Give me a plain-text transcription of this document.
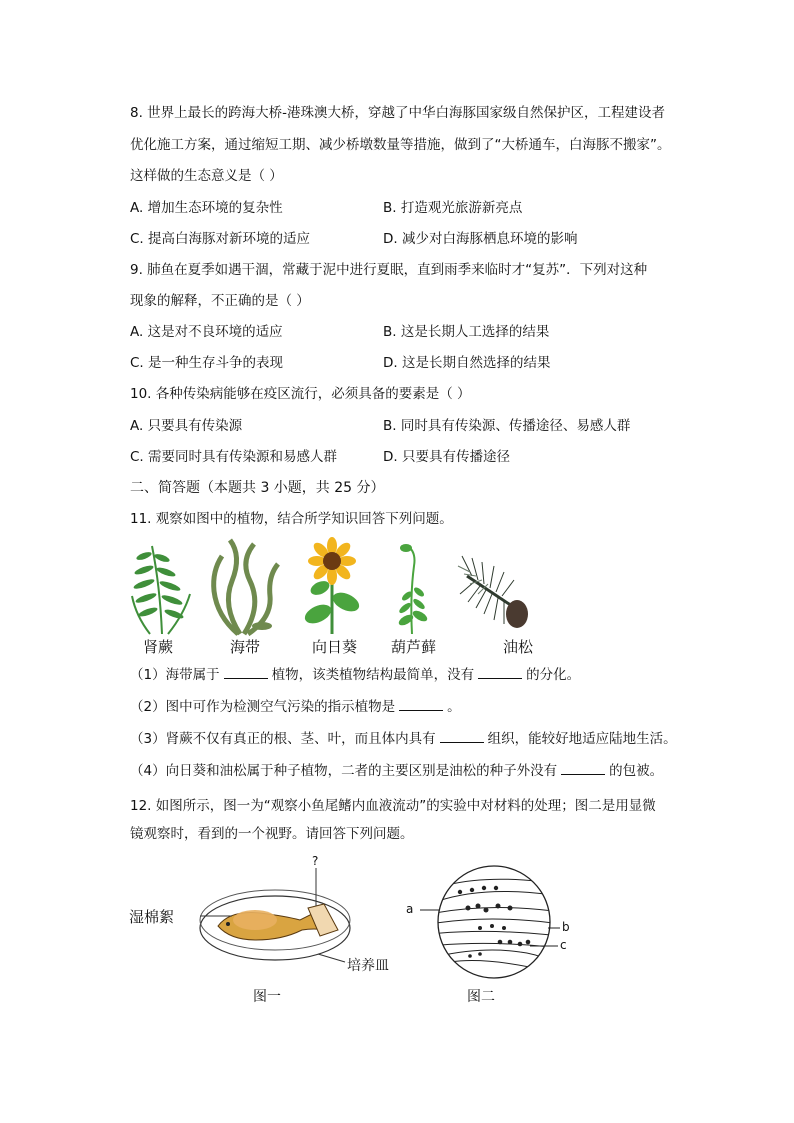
8. 世界上最长的跨海大桥-港珠澳大桥，穿越了中华白海豚国家级自然保护区，工程建设者
优化施工方案，通过缩短工期、减少桥墩数量等措施，做到了“大桥通车，白海豚不搬家”。
这样做的生态意义是（ ）
A. 增加生态环境的复杂性	B. 打造观光旅游新亮点
C. 提高白海豚对新环境的适应	D. 减少对白海豚栖息环境的影响
9. 肺鱼在夏季如遇干涸，常藏于泥中进行夏眠，直到雨季来临时才“复苏”．下列对这种
现象的解释，不正确的是（ ）
A. 这是对不良环境的适应	B. 这是长期人工选择的结果
C. 是一种生存斗争的表现	D. 这是长期自然选择的结果
10. 各种传染病能够在疫区流行，必须具备的要素是（ ）
A. 只要具有传染源	B. 同时具有传染源、传播途径、易感人群
C. 需要同时具有传染源和易感人群	D. 只要具有传播途径
二、简答题（本题共 3 小题，共 25 分）
11. 观察如图中的植物，结合所学知识回答下列问题。
肾蕨	海带	向日葵 葫芦藓	油松
（1）海带属于	植物，该类植物结构最简单，没有	的分化。
（2）图中可作为检测空气污染的指示植物是	。
（3）肾蕨不仅有真正的根、茎、叶，而且体内具有	组织，能较好地适应陆地生活。
（4）向日葵和油松属于种子植物，二者的主要区别是油松的种子外没有	的包被。
12. 如图所示，图一为“观察小鱼尾鳍内血液流动”的实验中对材料的处理；图二是用显微
镜观察时，看到的一个视野。请回答下列问题。
?
湿棉絮
培养皿
图一
a
b
c
图二
